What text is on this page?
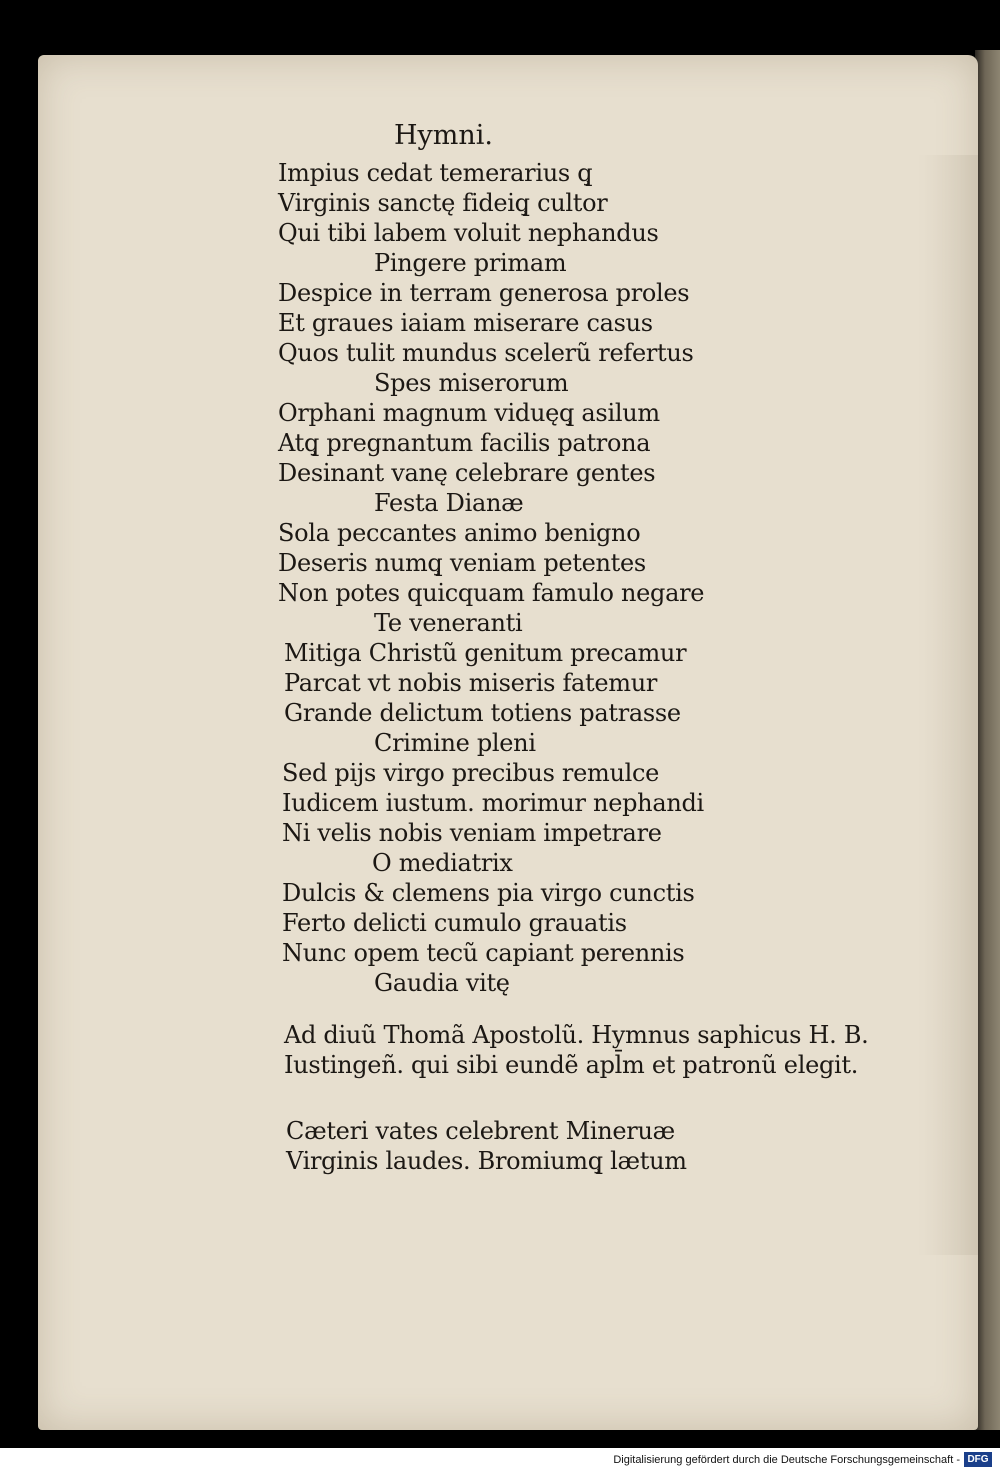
Hymni.
Impius cedat temerarius q̧
Virginis sanctę fideiq̧ cultor
Qui tibi labem voluit nephandus
Pingere primam
Despice in terram generosa proles
Et graues iaiam miserare casus
Quos tulit mundus scelerũ refertus
Spes miserorum
Orphani magnum viduęq̧ asilum
Atq̧ pregnantum facilis patrona
Desinant vanę celebrare gentes
Festa Dianæ
Sola peccantes animo benigno
Deseris numq̧ veniam petentes
Non potes quicquam famulo negare
Te veneranti
Mitiga Christũ genitum precamur
Parcat vt nobis miseris fatemur
Grande delictum totiens patrasse
Crimine pleni
Sed pijs virgo precibus remulce
Iudicem iustum. morimur nephandi
Ni velis nobis veniam impetrare
O mediatrix
Dulcis & clemens pia virgo cunctis
Ferto delicti cumulo grauatis
Nunc opem tecũ capiant perennis
Gaudia vitę
Ad diuũ Thomã Apostolũ. Hymnus saphicus H. B.
Iustingeñ. qui sibi eundẽ apl̄m et patronũ elegit.
Cæteri vates celebrent Mineruæ
Virginis laudes. Bromiumq̧ lætum
Digitalisierung gefördert durch die Deutsche Forschungsgemeinschaft - DFG
